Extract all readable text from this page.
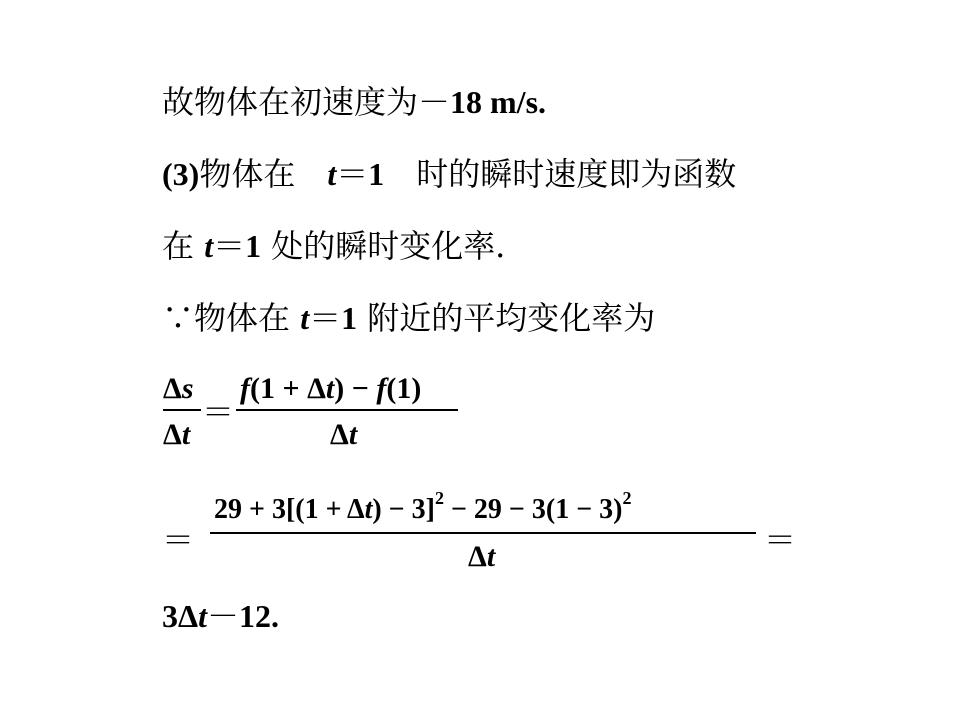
故物体在初速度为－18 m/s.
(3)物体在　t＝1　时的瞬时速度即为函数
在 t＝1 处的瞬时变化率．
∵物体在 t＝1 附近的平均变化率为
Δs
Δt
＝
f(1 + Δt) − f(1)
Δt
＝
$29 + 3[(1 + \Delta t) - 3]^2 - 29 - 3(1 - 3)^2$
Δt	＝
3Δt－12.
